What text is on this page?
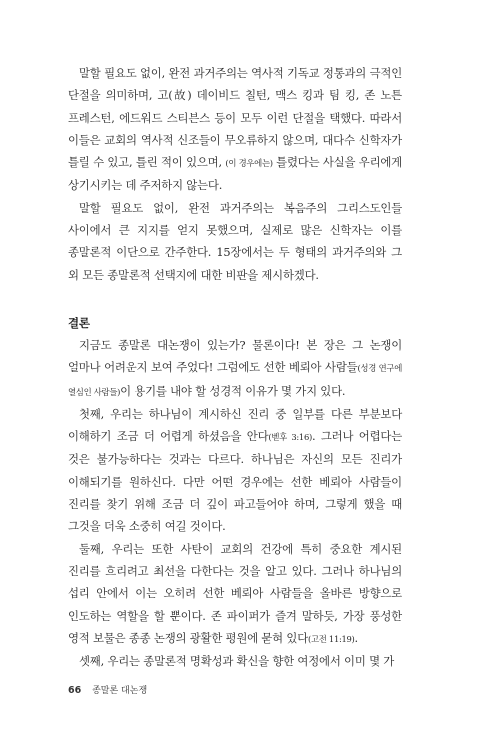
말할 필요도 없이, 완전 과거주의는 역사적 기독교 정통과의 극적인 단절을 의미하며, 고(故) 데이비드 칠턴, 맥스 킹과 팀 킹, 존 노튼 프레스턴, 에드워드 스티븐스 등이 모두 이런 단절을 택했다. 따라서 이들은 교회의 역사적 신조들이 무오류하지 않으며, 대다수 신학자가 틀릴 수 있고, 틀린 적이 있으며, (이 경우에는) 틀렸다는 사실을 우리에게 상기시키는 데 주저하지 않는다.

말할 필요도 없이, 완전 과거주의는 복음주의 그리스도인들 사이에서 큰 지지를 얻지 못했으며, 실제로 많은 신학자는 이를 종말론적 이단으로 간주한다. 15장에서는 두 형태의 과거주의와 그 외 모든 종말론적 선택지에 대한 비판을 제시하겠다.

결론

지금도 종말론 대논쟁이 있는가? 물론이다! 본 장은 그 논쟁이 얼마나 어려운지 보여 주었다! 그럼에도 선한 베뢰아 사람들(성경 연구에 열심인 사람들)이 용기를 내야 할 성경적 이유가 몇 가지 있다.

첫째, 우리는 하나님이 계시하신 진리 중 일부를 다른 부분보다 이해하기 조금 더 어렵게 하셨음을 안다(벧후 3:16). 그러나 어렵다는 것은 불가능하다는 것과는 다르다. 하나님은 자신의 모든 진리가 이해되기를 원하신다. 다만 어떤 경우에는 선한 베뢰아 사람들이 진리를 찾기 위해 조금 더 깊이 파고들어야 하며, 그렇게 했을 때 그것을 더욱 소중히 여길 것이다.

둘째, 우리는 또한 사탄이 교회의 건강에 특히 중요한 계시된 진리를 흐리려고 최선을 다한다는 것을 알고 있다. 그러나 하나님의 섭리 안에서 이는 오히려 선한 베뢰아 사람들을 올바른 방향으로 인도하는 역할을 할 뿐이다. 존 파이퍼가 즐겨 말하듯, 가장 풍성한 영적 보물은 종종 논쟁의 광활한 평원에 묻혀 있다(고전 11:19).

셋째, 우리는 종말론적 명확성과 확신을 향한 여정에서 이미 몇 가

66 종말론 대논쟁
